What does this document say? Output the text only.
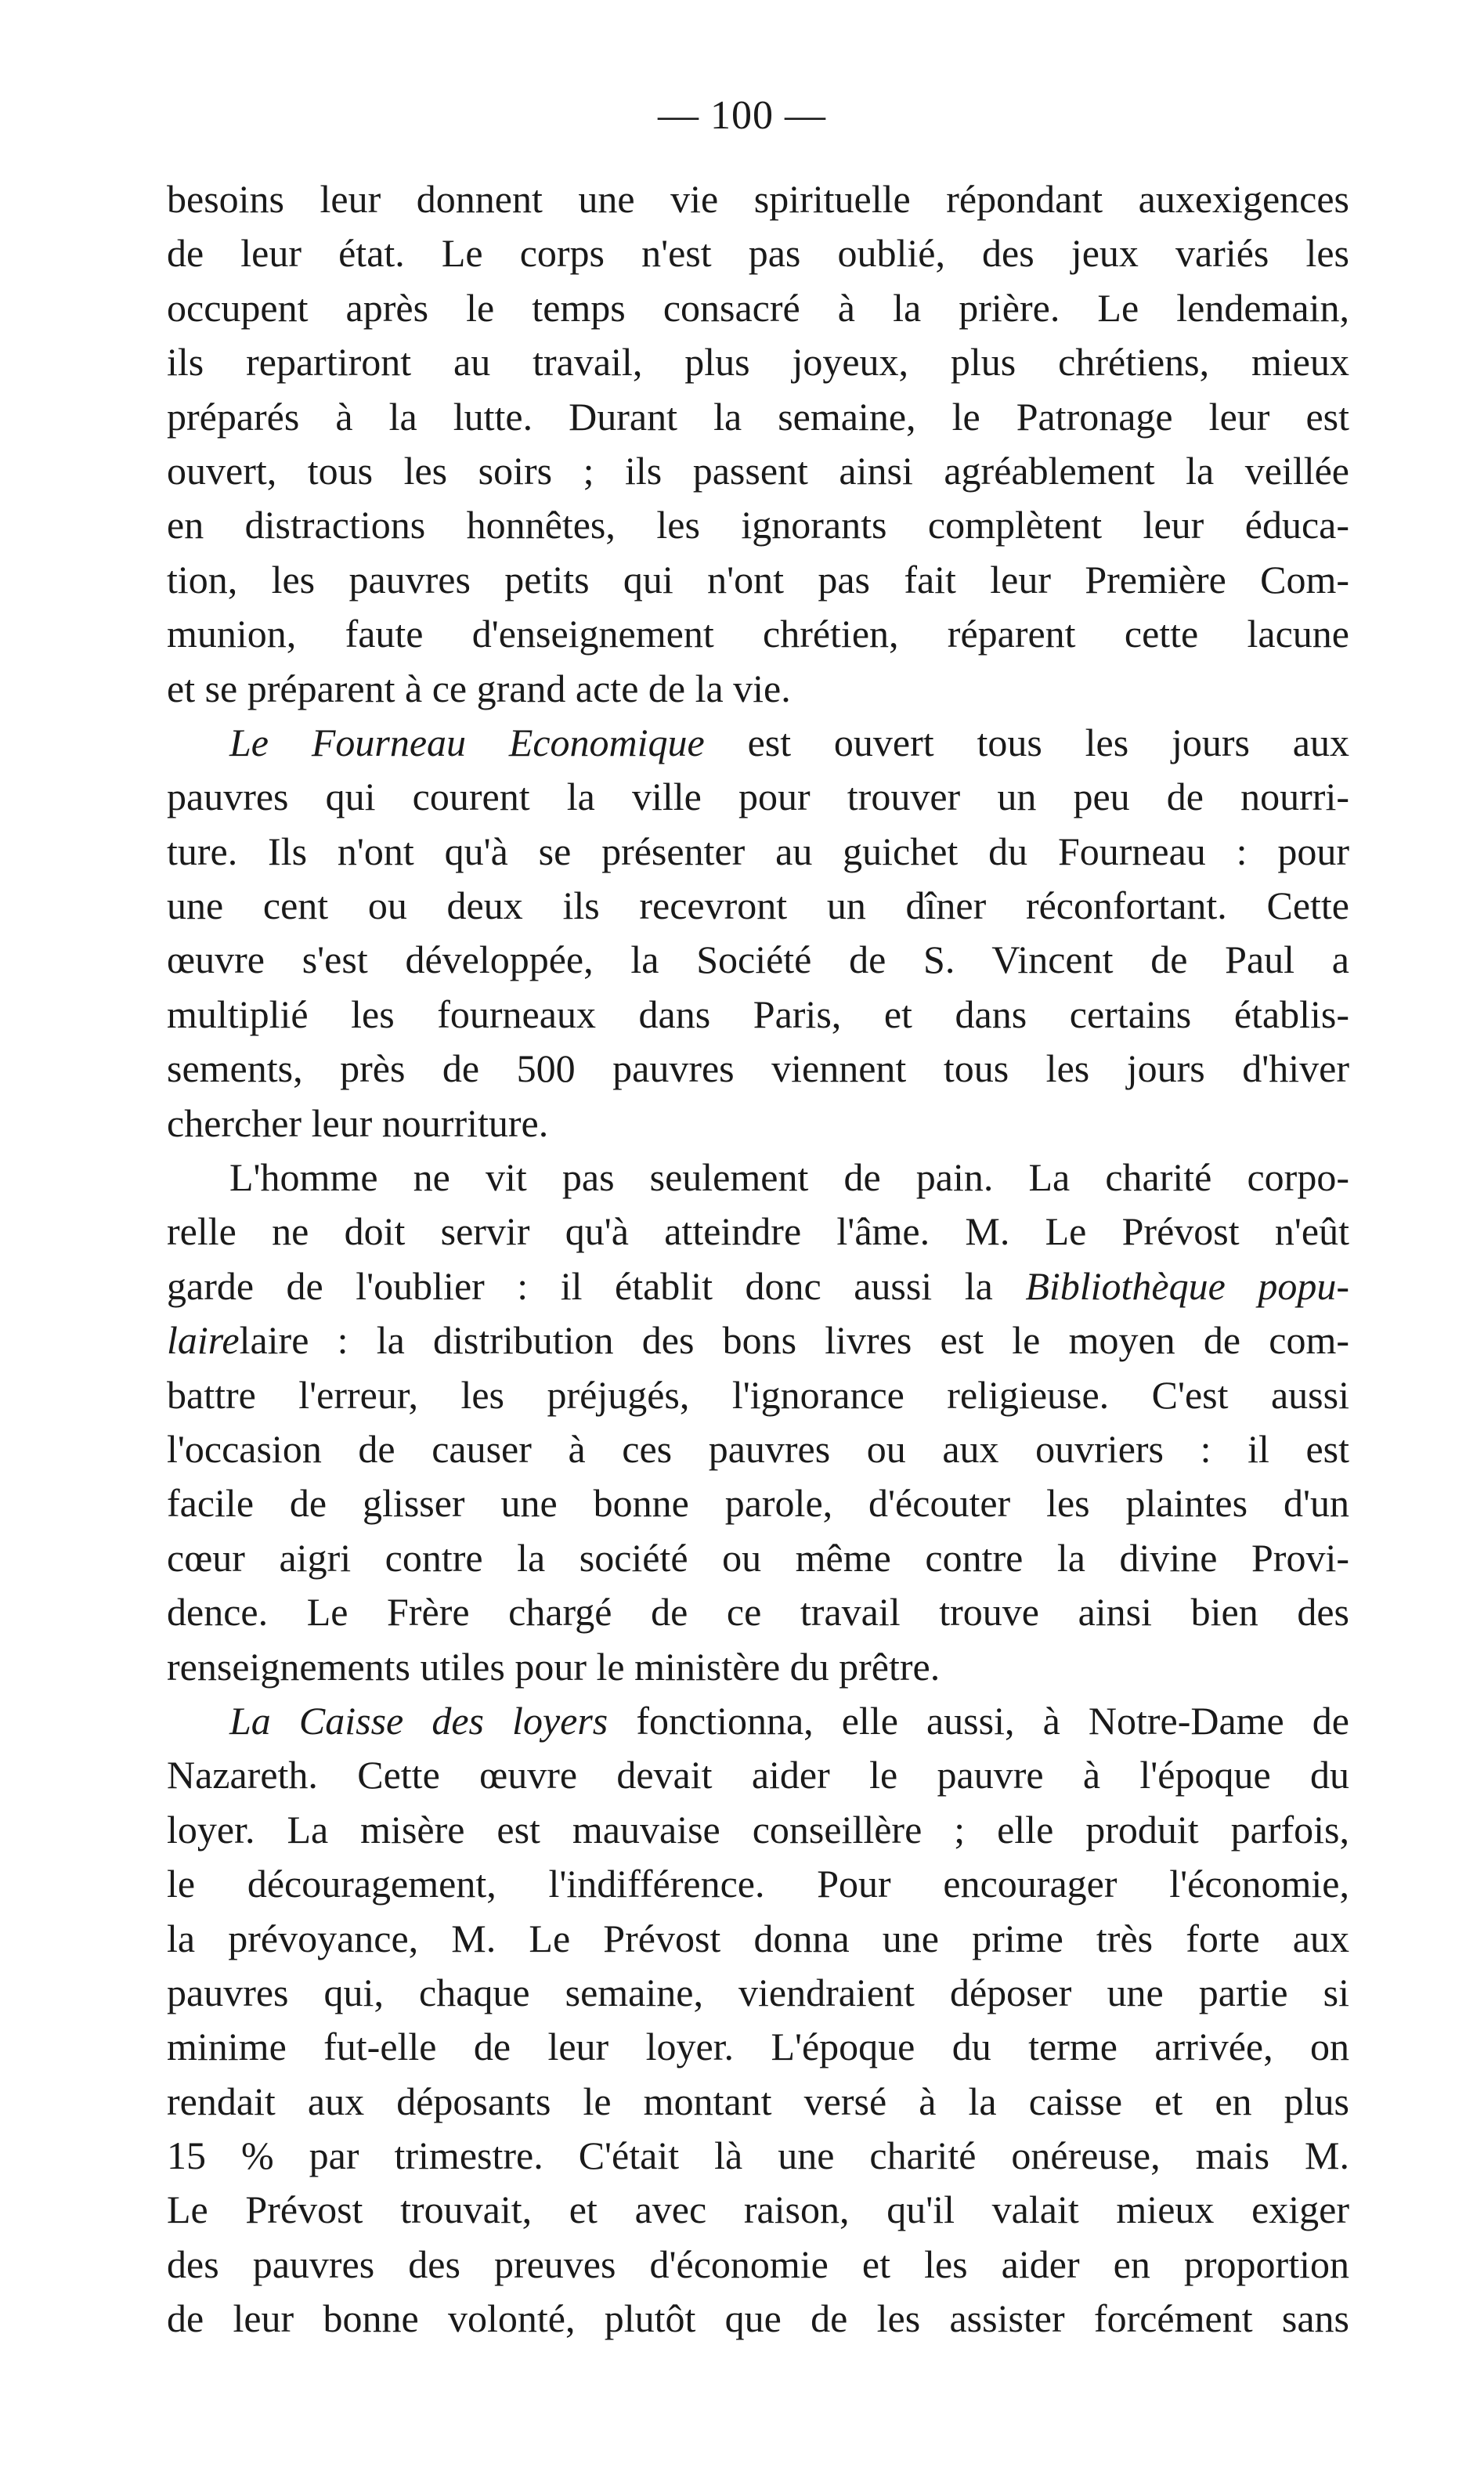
— 100 —
besoins leur donnent une vie spirituelle répondant auxexigences
de leur état. Le corps n'est pas oublié, des jeux variés les
occupent après le temps consacré à la prière. Le lendemain,
ils repartiront au travail, plus joyeux, plus chrétiens, mieux
préparés à la lutte. Durant la semaine, le Patronage leur est
ouvert, tous les soirs ; ils passent ainsi agréablement la veillée
en distractions honnêtes, les ignorants complètent leur éduca-
tion, les pauvres petits qui n'ont pas fait leur Première Com-
munion, faute d'enseignement chrétien, réparent cette lacune
et se préparent à ce grand acte de la vie.
Le Fourneau Economique est ouvert tous les jours aux
pauvres qui courent la ville pour trouver un peu de nourri-
ture. Ils n'ont qu'à se présenter au guichet du Fourneau : pour
une cent ou deux ils recevront un dîner réconfortant. Cette
œuvre s'est développée, la Société de S. Vincent de Paul a
multiplié les fourneaux dans Paris, et dans certains établis-
sements, près de 500 pauvres viennent tous les jours d'hiver
chercher leur nourriture.
L'homme ne vit pas seulement de pain. La charité corpo-
relle ne doit servir qu'à atteindre l'âme. M. Le Prévost n'eût
garde de l'oublier : il établit donc aussi la Bibliothèque popu-
lairelaire : la distribution des bons livres est le moyen de com-
battre l'erreur, les préjugés, l'ignorance religieuse. C'est aussi
l'occasion de causer à ces pauvres ou aux ouvriers : il est
facile de glisser une bonne parole, d'écouter les plaintes d'un
cœur aigri contre la société ou même contre la divine Provi-
dence. Le Frère chargé de ce travail trouve ainsi bien des
renseignements utiles pour le ministère du prêtre.
La Caisse des loyers fonctionna, elle aussi, à Notre-Dame de
Nazareth. Cette œuvre devait aider le pauvre à l'époque du
loyer. La misère est mauvaise conseillère ; elle produit parfois,
le découragement, l'indifférence. Pour encourager l'économie,
la prévoyance, M. Le Prévost donna une prime très forte aux
pauvres qui, chaque semaine, viendraient déposer une partie si
minime fut-elle de leur loyer. L'époque du terme arrivée, on
rendait aux déposants le montant versé à la caisse et en plus
15 % par trimestre. C'était là une charité onéreuse, mais M.
Le Prévost trouvait, et avec raison, qu'il valait mieux exiger
des pauvres des preuves d'économie et les aider en proportion
de leur bonne volonté, plutôt que de les assister forcément sans
